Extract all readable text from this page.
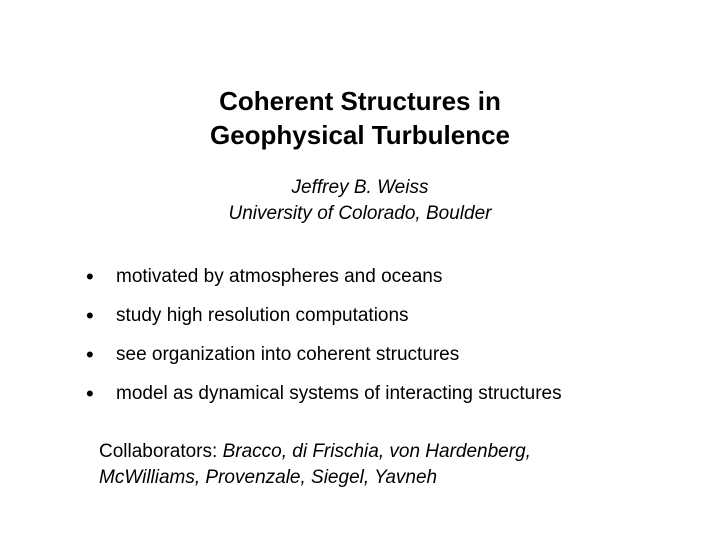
Coherent Structures in
Geophysical Turbulence
Jeffrey B. Weiss
University of Colorado, Boulder
•	motivated by atmospheres and oceans
•	study high resolution computations
•	see organization into coherent structures
•	model as dynamical systems of interacting structures
Collaborators: Bracco, di Frischia, von Hardenberg,
McWilliams, Provenzale, Siegel, Yavneh
